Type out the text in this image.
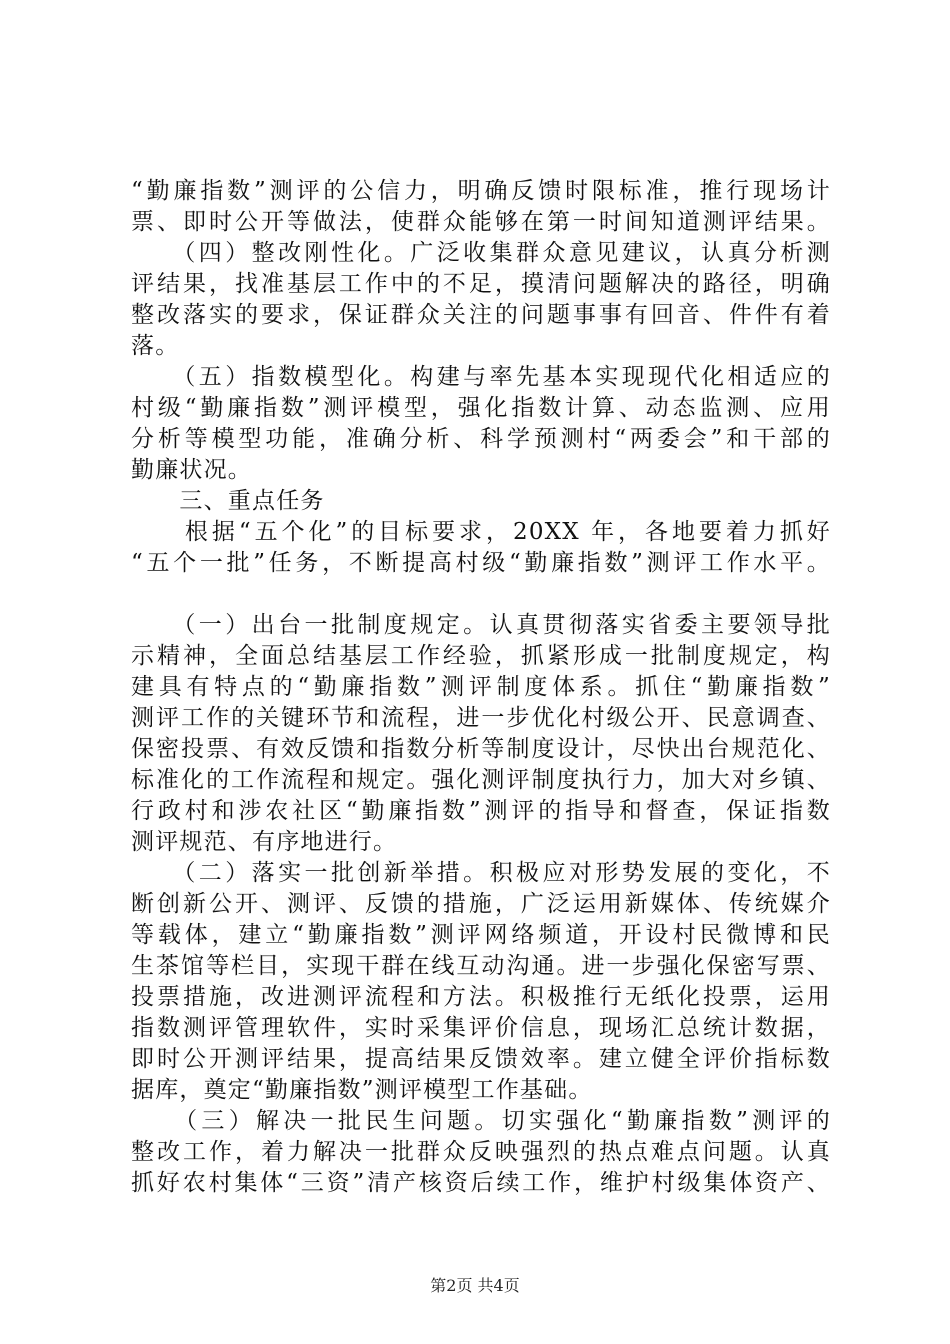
“勤廉指数”测评的公信力，明确反馈时限标准，推行现场计
票、即时公开等做法，使群众能够在第一时间知道测评结果。
　　（四）整改刚性化。广泛收集群众意见建议，认真分析测
评结果，找准基层工作中的不足，摸清问题解决的路径，明确
整改落实的要求，保证群众关注的问题事事有回音、件件有着
落。
　　（五）指数模型化。构建与率先基本实现现代化相适应的
村级“勤廉指数”测评模型，强化指数计算、动态监测、应用
分析等模型功能，准确分析、科学预测村“两委会”和干部的
勤廉状况。
　　三、重点任务
　　根据“五个化”的目标要求，20XX 年，各地要着力抓好
“五个一批”任务，不断提高村级“勤廉指数”测评工作水平。
　　（一）出台一批制度规定。认真贯彻落实省委主要领导批
示精神，全面总结基层工作经验，抓紧形成一批制度规定，构
建具有特点的“勤廉指数”测评制度体系。抓住“勤廉指数”
测评工作的关键环节和流程，进一步优化村级公开、民意调查、
保密投票、有效反馈和指数分析等制度设计，尽快出台规范化、
标准化的工作流程和规定。强化测评制度执行力，加大对乡镇、
行政村和涉农社区“勤廉指数”测评的指导和督查，保证指数
测评规范、有序地进行。
　　（二）落实一批创新举措。积极应对形势发展的变化，不
断创新公开、测评、反馈的措施，广泛运用新媒体、传统媒介
等载体，建立“勤廉指数”测评网络频道，开设村民微博和民
生茶馆等栏目，实现干群在线互动沟通。进一步强化保密写票、
投票措施，改进测评流程和方法。积极推行无纸化投票，运用
指数测评管理软件，实时采集评价信息，现场汇总统计数据，
即时公开测评结果，提高结果反馈效率。建立健全评价指标数
据库，奠定“勤廉指数”测评模型工作基础。
　　（三）解决一批民生问题。切实强化“勤廉指数”测评的
整改工作，着力解决一批群众反映强烈的热点难点问题。认真
抓好农村集体“三资”清产核资后续工作，维护村级集体资产、
第2页 共4页
